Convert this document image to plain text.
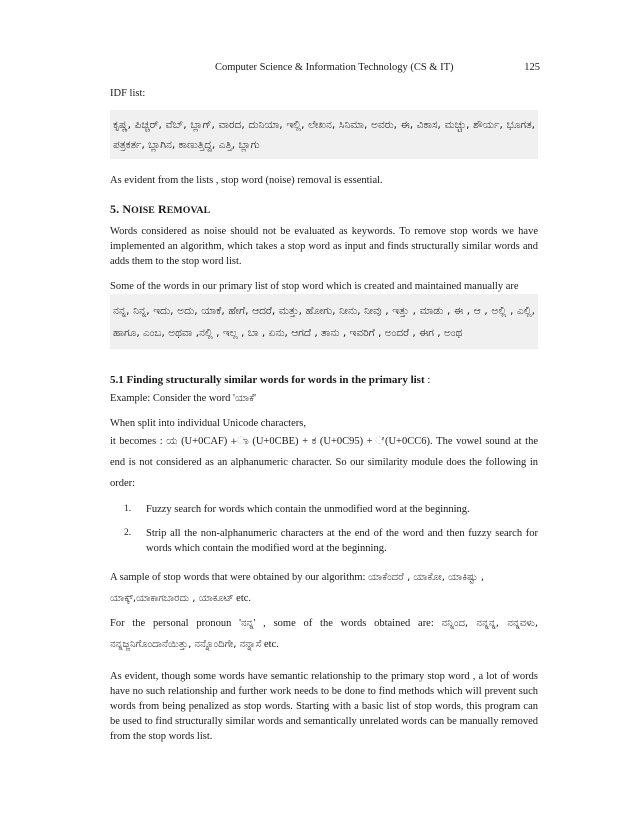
Computer Science & Information Technology (CS & IT)	125

IDF list:

ಕೃಷ್ಣ, ಪಿಚ್ಚರ್, ವೆಬ್, ಬ್ಲಾಗ್, ವಾರದ, ದುನಿಯಾ, ಇಲ್ಲಿ, ಲೇಖನ, ಸಿನಿಮಾ, ಅವರು, ಈ, ವಿಕಾಸ, ಮಚ್ಚು, ಶೌರ್ಯ, ಭೂಗತ, ಪತ್ರಕರ್ತ, ಬ್ಲಾಗಿನ, ಕಾಣುತ್ತಿದ್ದ, ಎತ್ತಿ, ಬ್ಲಾಗು

As evident from the lists , stop word (noise) removal is essential.

5. NOISE REMOVAL

Words considered as noise should not be evaluated as keywords. To remove stop words we have implemented an algorithm, which takes a stop word as input and finds structurally similar words and adds them to the stop word list.

Some of the words in our primary list of stop word which is created and maintained manually are

ನನ್ನ, ನಿನ್ನ, ಇದು, ಅದು, ಯಾಕೆ, ಹೇಗೆ, ಆದರೆ, ಮತ್ತು, ಹೋಗು, ನೀನು, ನೀವು , ಇತ್ತು , ಮಾಡು , ಈ , ಆ , ಅಲ್ಲಿ , ಎಲ್ಲಿ, ಹಾಗೂ, ಎಂಬ, ಅಥವಾ ,ನಲ್ಲಿ , ಇಲ್ಲ , ಬಾ , ಏನು, ಆಗದೆ , ತಾನು , ಇವರಿಗೆ , ಅಂದರೆ , ಈಗ , ಅಂಥ

5.1 Finding structurally similar words for words in the primary list :

Example: Consider the word 'ಯಾಕೆ'

When split into individual Unicode characters,

it becomes : ಯ (U+0CAF) +ಾ (U+0CBE) + ಕ (U+0C95) + ೆ(U+0CC6). The vowel sound at the end is not considered as an alphanumeric character. So our similarity module does the following in order:

1. Fuzzy search for words which contain the unmodified word at the beginning.
2. Strip all the non-alphanumeric characters at the end of the word and then fuzzy search for words which contain the modified word at the beginning.

A sample of stop words that were obtained by our algorithm: ಯಾಕೆಂದರೆ , ಯಾಕೋ, ಯಾಕಿಷ್ಟು , ಯಾಕ್ಕ್,ಯಾಕಾಗಬಾರದು , ಯಾಕೂಟ್ etc.

For the personal pronoun 'ನನ್ನ' , some of the words obtained are: ನನ್ನಿಂದ, ನನ್ನನ್ನ, ನನ್ನವಳು, ನನ್ನಜ್ಜನಿಗೊಂದಾನೆಯಿತ್ತು, ನನ್ನೊಂದಿಗೇ, ನನ್ನಾಸೆ etc.

As evident, though some words have semantic relationship to the primary stop word , a lot of words have no such relationship and further work needs to be done to find methods which will prevent such words from being penalized as stop words. Starting with a basic list of stop words, this program can be used to find structurally similar words and semantically unrelated words can be manually removed from the stop words list.
